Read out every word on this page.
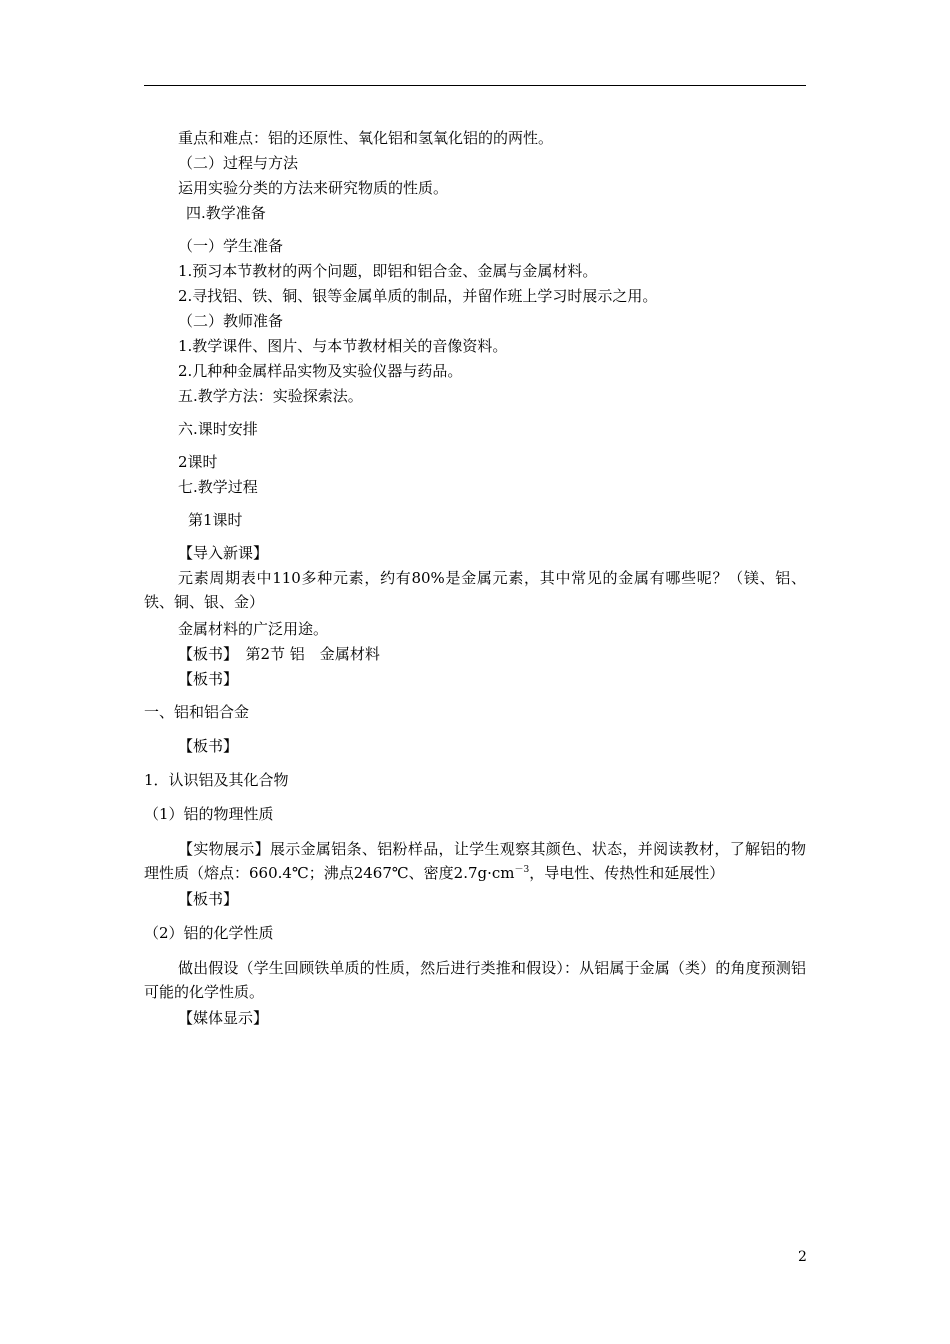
重点和难点：铝的还原性、氧化铝和氢氧化铝的的两性。
（二）过程与方法
运用实验分类的方法来研究物质的性质。
四.教学准备
（一）学生准备
1.预习本节教材的两个问题，即铝和铝合金、金属与金属材料。
2.寻找铝、铁、铜、银等金属单质的制品，并留作班上学习时展示之用。
（二）教师准备
1.教学课件、图片、与本节教材相关的音像资料。
2.几种种金属样品实物及实验仪器与药品。
五.教学方法：实验探索法。
六.课时安排
2课时
七.教学过程
第1课时
【导入新课】
元素周期表中110多种元素，约有80%是金属元素，其中常见的金属有哪些呢？（镁、铝、铁、铜、银、金）
金属材料的广泛用途。
【板书】　第2节 铝　金属材料
【板书】
一、铝和铝合金
【板书】
1．认识铝及其化合物
（1）铝的物理性质
【实物展示】展示金属铝条、铝粉样品，让学生观察其颜色、状态，并阅读教材，了解铝的物理性质（熔点：660.4℃；沸点2467℃、密度$2.7g\cdot cm^{-3}$，导电性、传热性和延展性）
【板书】
（2）铝的化学性质
做出假设（学生回顾铁单质的性质，然后进行类推和假设）：从铝属于金属（类）的角度预测铝可能的化学性质。
【媒体显示】
2
